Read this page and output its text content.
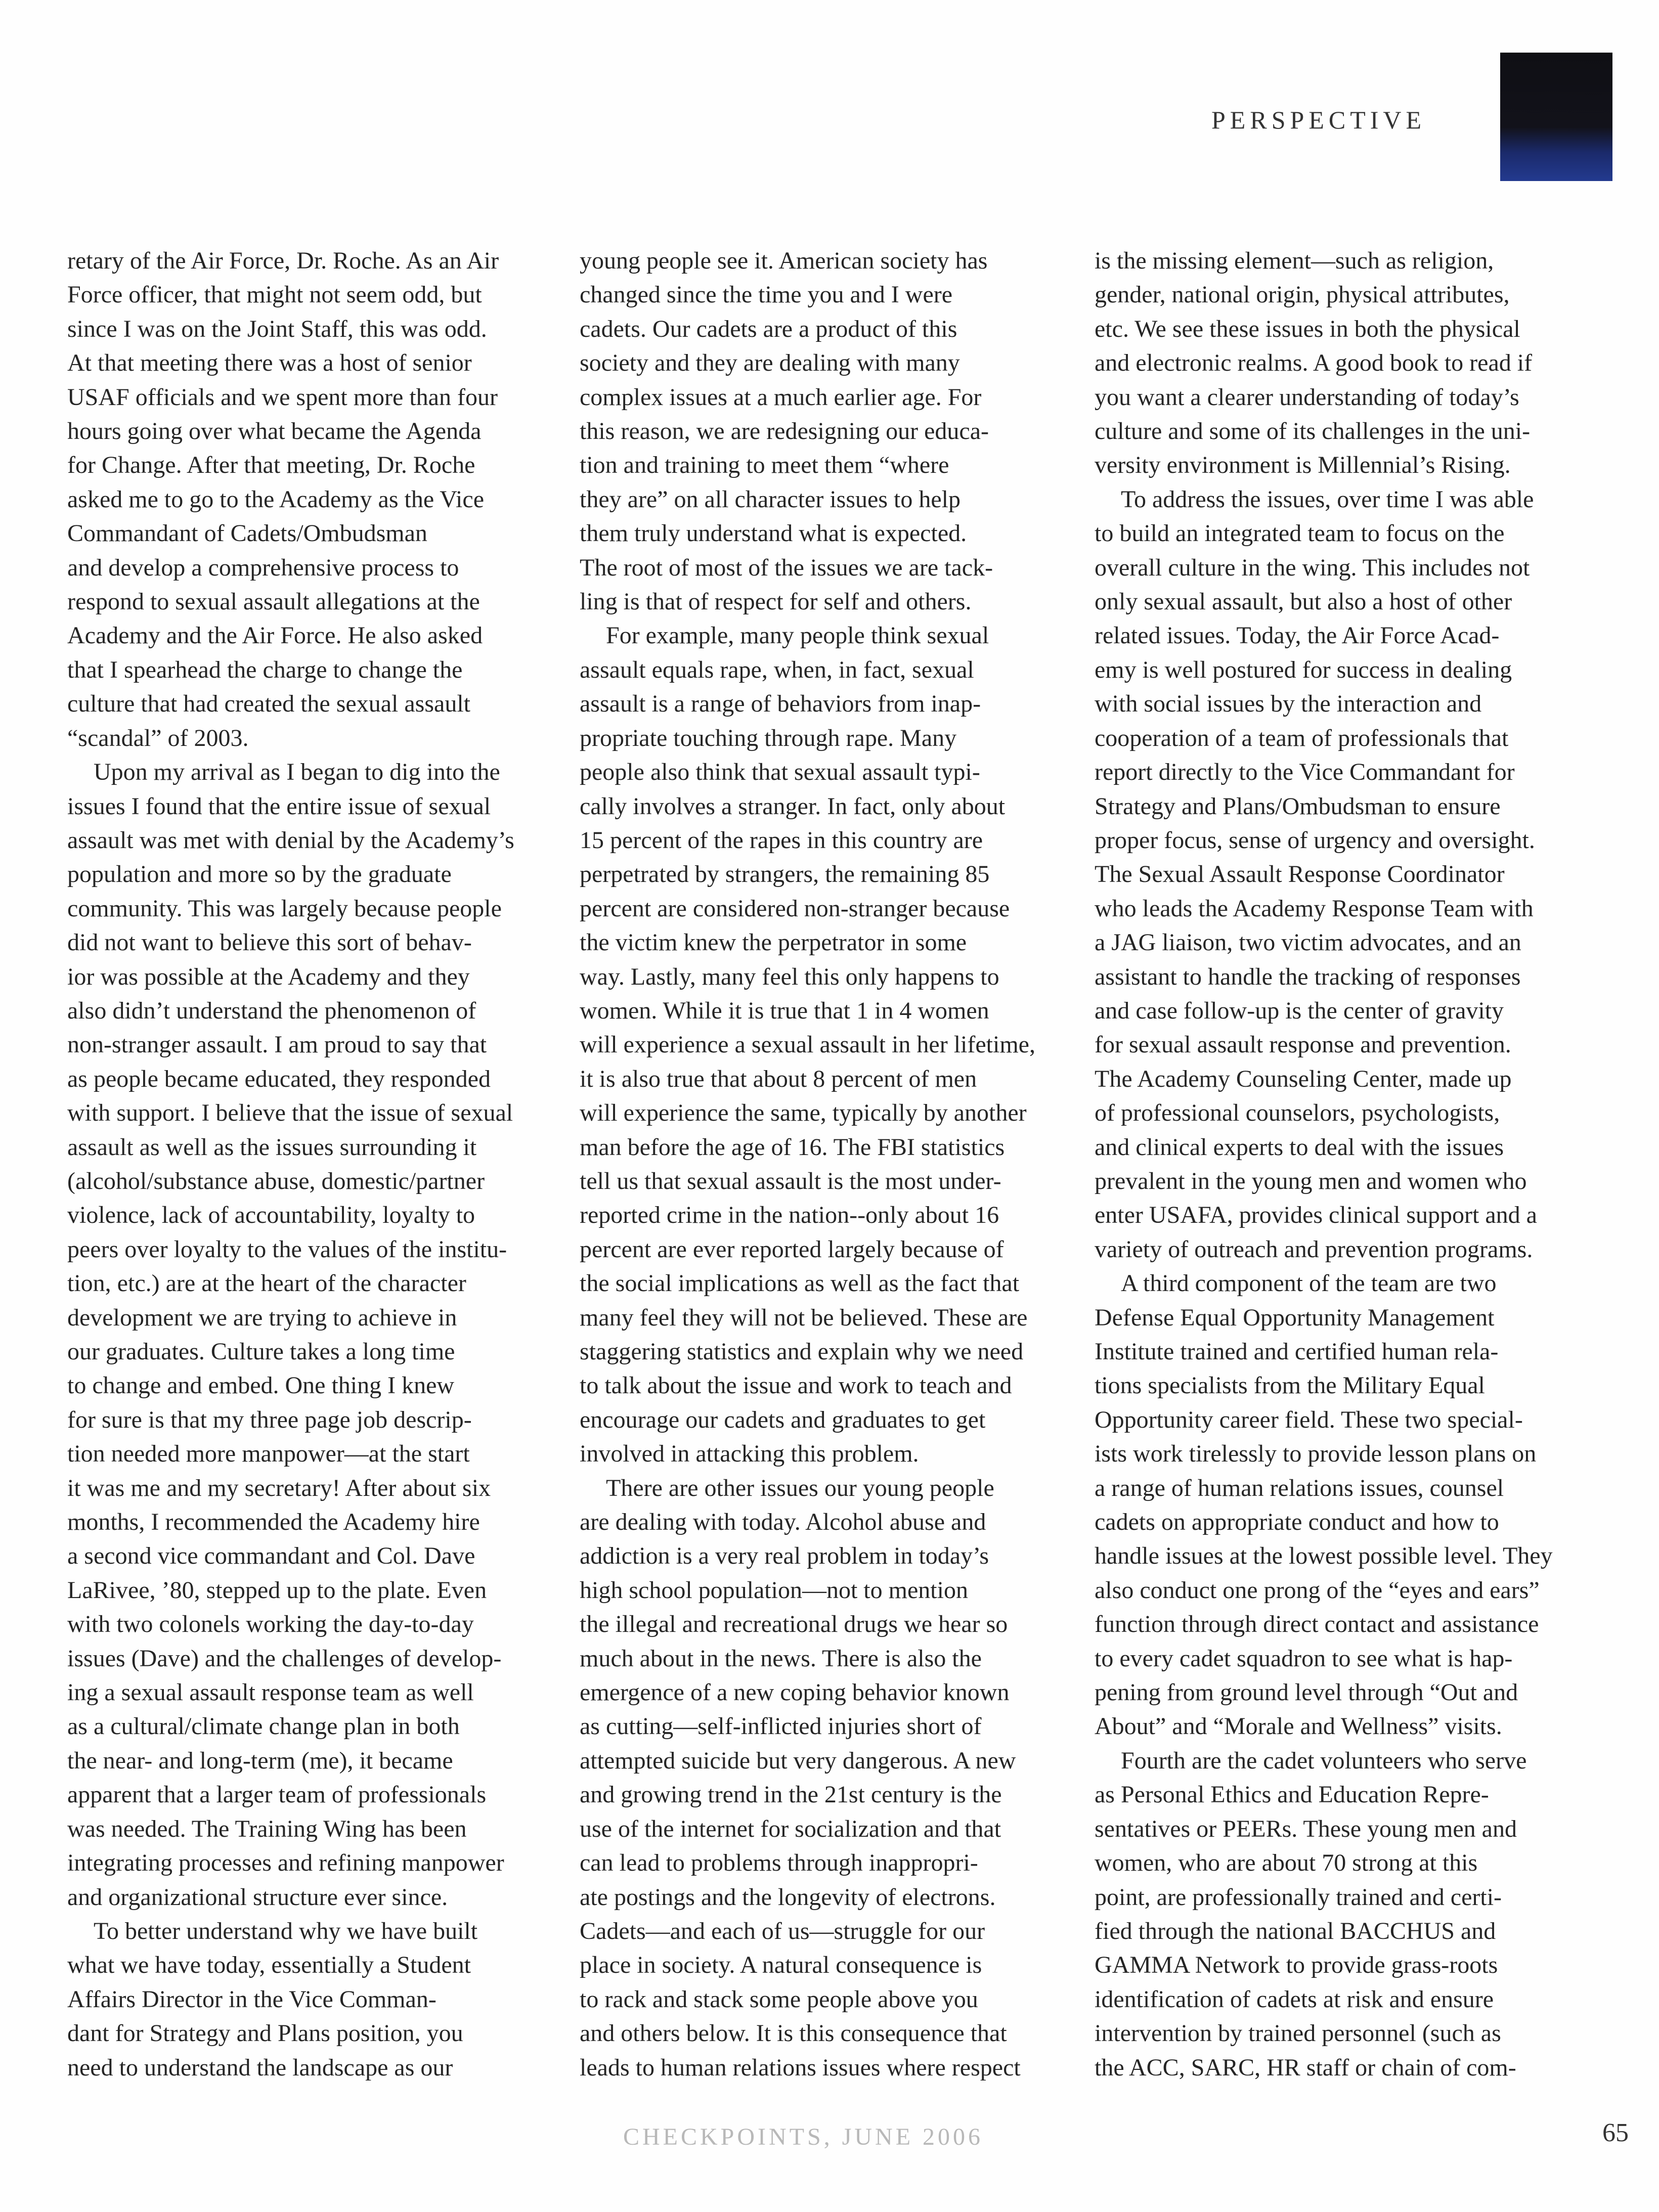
PERSPECTIVE
retary of the Air Force, Dr. Roche. As an Air
Force officer, that might not seem odd, but
since I was on the Joint Staff, this was odd.
At that meeting there was a host of senior
USAF officials and we spent more than four
hours going over what became the Agenda
for Change. After that meeting, Dr. Roche
asked me to go to the Academy as the Vice
Commandant of Cadets/Ombudsman
and develop a comprehensive process to
respond to sexual assault allegations at the
Academy and the Air Force. He also asked
that I spearhead the charge to change the
culture that had created the sexual assault
“scandal” of 2003.
Upon my arrival as I began to dig into the
issues I found that the entire issue of sexual
assault was met with denial by the Academy’s
population and more so by the graduate
community. This was largely because people
did not want to believe this sort of behav-
ior was possible at the Academy and they
also didn’t understand the phenomenon of
non-stranger assault. I am proud to say that
as people became educated, they responded
with support. I believe that the issue of sexual
assault as well as the issues surrounding it
(alcohol/substance abuse, domestic/partner
violence, lack of accountability, loyalty to
peers over loyalty to the values of the institu-
tion, etc.) are at the heart of the character
development we are trying to achieve in
our graduates. Culture takes a long time
to change and embed. One thing I knew
for sure is that my three page job descrip-
tion needed more manpower—at the start
it was me and my secretary! After about six
months, I recommended the Academy hire
a second vice commandant and Col. Dave
LaRivee, ’80, stepped up to the plate. Even
with two colonels working the day-to-day
issues (Dave) and the challenges of develop-
ing a sexual assault response team as well
as a cultural/climate change plan in both
the near- and long-term (me), it became
apparent that a larger team of professionals
was needed. The Training Wing has been
integrating processes and refining manpower
and organizational structure ever since.
To better understand why we have built
what we have today, essentially a Student
Affairs Director in the Vice Comman-
dant for Strategy and Plans position, you
need to understand the landscape as our
young people see it. American society has
changed since the time you and I were
cadets. Our cadets are a product of this
society and they are dealing with many
complex issues at a much earlier age. For
this reason, we are redesigning our educa-
tion and training to meet them “where
they are” on all character issues to help
them truly understand what is expected.
The root of most of the issues we are tack-
ling is that of respect for self and others.
For example, many people think sexual
assault equals rape, when, in fact, sexual
assault is a range of behaviors from inap-
propriate touching through rape. Many
people also think that sexual assault typi-
cally involves a stranger. In fact, only about
15 percent of the rapes in this country are
perpetrated by strangers, the remaining 85
percent are considered non-stranger because
the victim knew the perpetrator in some
way. Lastly, many feel this only happens to
women. While it is true that 1 in 4 women
will experience a sexual assault in her lifetime,
it is also true that about 8 percent of men
will experience the same, typically by another
man before the age of 16. The FBI statistics
tell us that sexual assault is the most under-
reported crime in the nation--only about 16
percent are ever reported largely because of
the social implications as well as the fact that
many feel they will not be believed. These are
staggering statistics and explain why we need
to talk about the issue and work to teach and
encourage our cadets and graduates to get
involved in attacking this problem.
There are other issues our young people
are dealing with today. Alcohol abuse and
addiction is a very real problem in today’s
high school population—not to mention
the illegal and recreational drugs we hear so
much about in the news. There is also the
emergence of a new coping behavior known
as cutting—self-inflicted injuries short of
attempted suicide but very dangerous. A new
and growing trend in the 21st century is the
use of the internet for socialization and that
can lead to problems through inappropri-
ate postings and the longevity of electrons.
Cadets—and each of us—struggle for our
place in society. A natural consequence is
to rack and stack some people above you
and others below. It is this consequence that
leads to human relations issues where respect
is the missing element—such as religion,
gender, national origin, physical attributes,
etc. We see these issues in both the physical
and electronic realms. A good book to read if
you want a clearer understanding of today’s
culture and some of its challenges in the uni-
versity environment is Millennial’s Rising.
To address the issues, over time I was able
to build an integrated team to focus on the
overall culture in the wing. This includes not
only sexual assault, but also a host of other
related issues. Today, the Air Force Acad-
emy is well postured for success in dealing
with social issues by the interaction and
cooperation of a team of professionals that
report directly to the Vice Commandant for
Strategy and Plans/Ombudsman to ensure
proper focus, sense of urgency and oversight.
The Sexual Assault Response Coordinator
who leads the Academy Response Team with
a JAG liaison, two victim advocates, and an
assistant to handle the tracking of responses
and case follow-up is the center of gravity
for sexual assault response and prevention.
The Academy Counseling Center, made up
of professional counselors, psychologists,
and clinical experts to deal with the issues
prevalent in the young men and women who
enter USAFA, provides clinical support and a
variety of outreach and prevention programs.
A third component of the team are two
Defense Equal Opportunity Management
Institute trained and certified human rela-
tions specialists from the Military Equal
Opportunity career field. These two special-
ists work tirelessly to provide lesson plans on
a range of human relations issues, counsel
cadets on appropriate conduct and how to
handle issues at the lowest possible level. They
also conduct one prong of the “eyes and ears”
function through direct contact and assistance
to every cadet squadron to see what is hap-
pening from ground level through “Out and
About” and “Morale and Wellness” visits.
Fourth are the cadet volunteers who serve
as Personal Ethics and Education Repre-
sentatives or PEERs. These young men and
women, who are about 70 strong at this
point, are professionally trained and certi-
fied through the national BACCHUS and
GAMMA Network to provide grass-roots
identification of cadets at risk and ensure
intervention by trained personnel (such as
the ACC, SARC, HR staff or chain of com-
CHECKPOINTS, JUNE 2006	65
